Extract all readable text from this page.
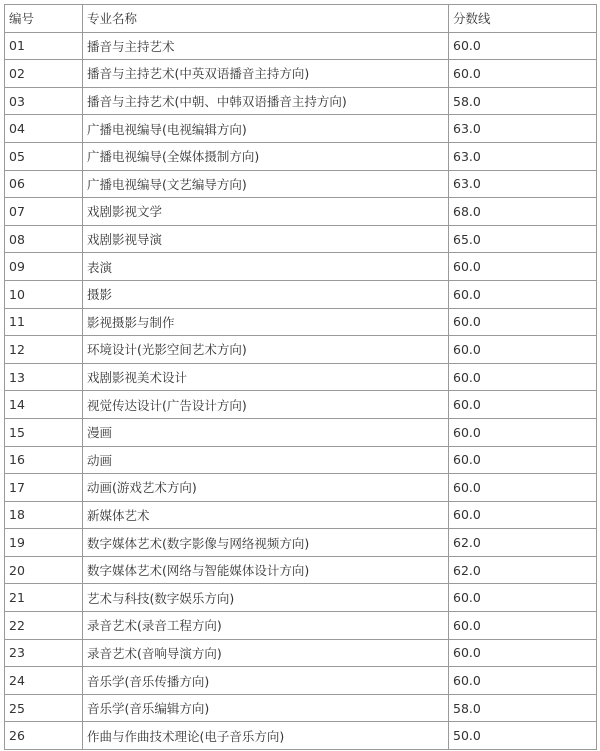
编号	专业名称	分数线
01	播音与主持艺术	60.0
02	播音与主持艺术(中英双语播音主持方向)	60.0
03	播音与主持艺术(中朝、中韩双语播音主持方向)	58.0
04	广播电视编导(电视编辑方向)	63.0
05	广播电视编导(全媒体摄制方向)	63.0
06	广播电视编导(文艺编导方向)	63.0
07	戏剧影视文学	68.0
08	戏剧影视导演	65.0
09	表演	60.0
10	摄影	60.0
11	影视摄影与制作	60.0
12	环境设计(光影空间艺术方向)	60.0
13	戏剧影视美术设计	60.0
14	视觉传达设计(广告设计方向)	60.0
15	漫画	60.0
16	动画	60.0
17	动画(游戏艺术方向)	60.0
18	新媒体艺术	60.0
19	数字媒体艺术(数字影像与网络视频方向)	62.0
20	数字媒体艺术(网络与智能媒体设计方向)	62.0
21	艺术与科技(数字娱乐方向)	60.0
22	录音艺术(录音工程方向)	60.0
23	录音艺术(音响导演方向)	60.0
24	音乐学(音乐传播方向)	60.0
25	音乐学(音乐编辑方向)	58.0
26	作曲与作曲技术理论(电子音乐方向)	50.0
